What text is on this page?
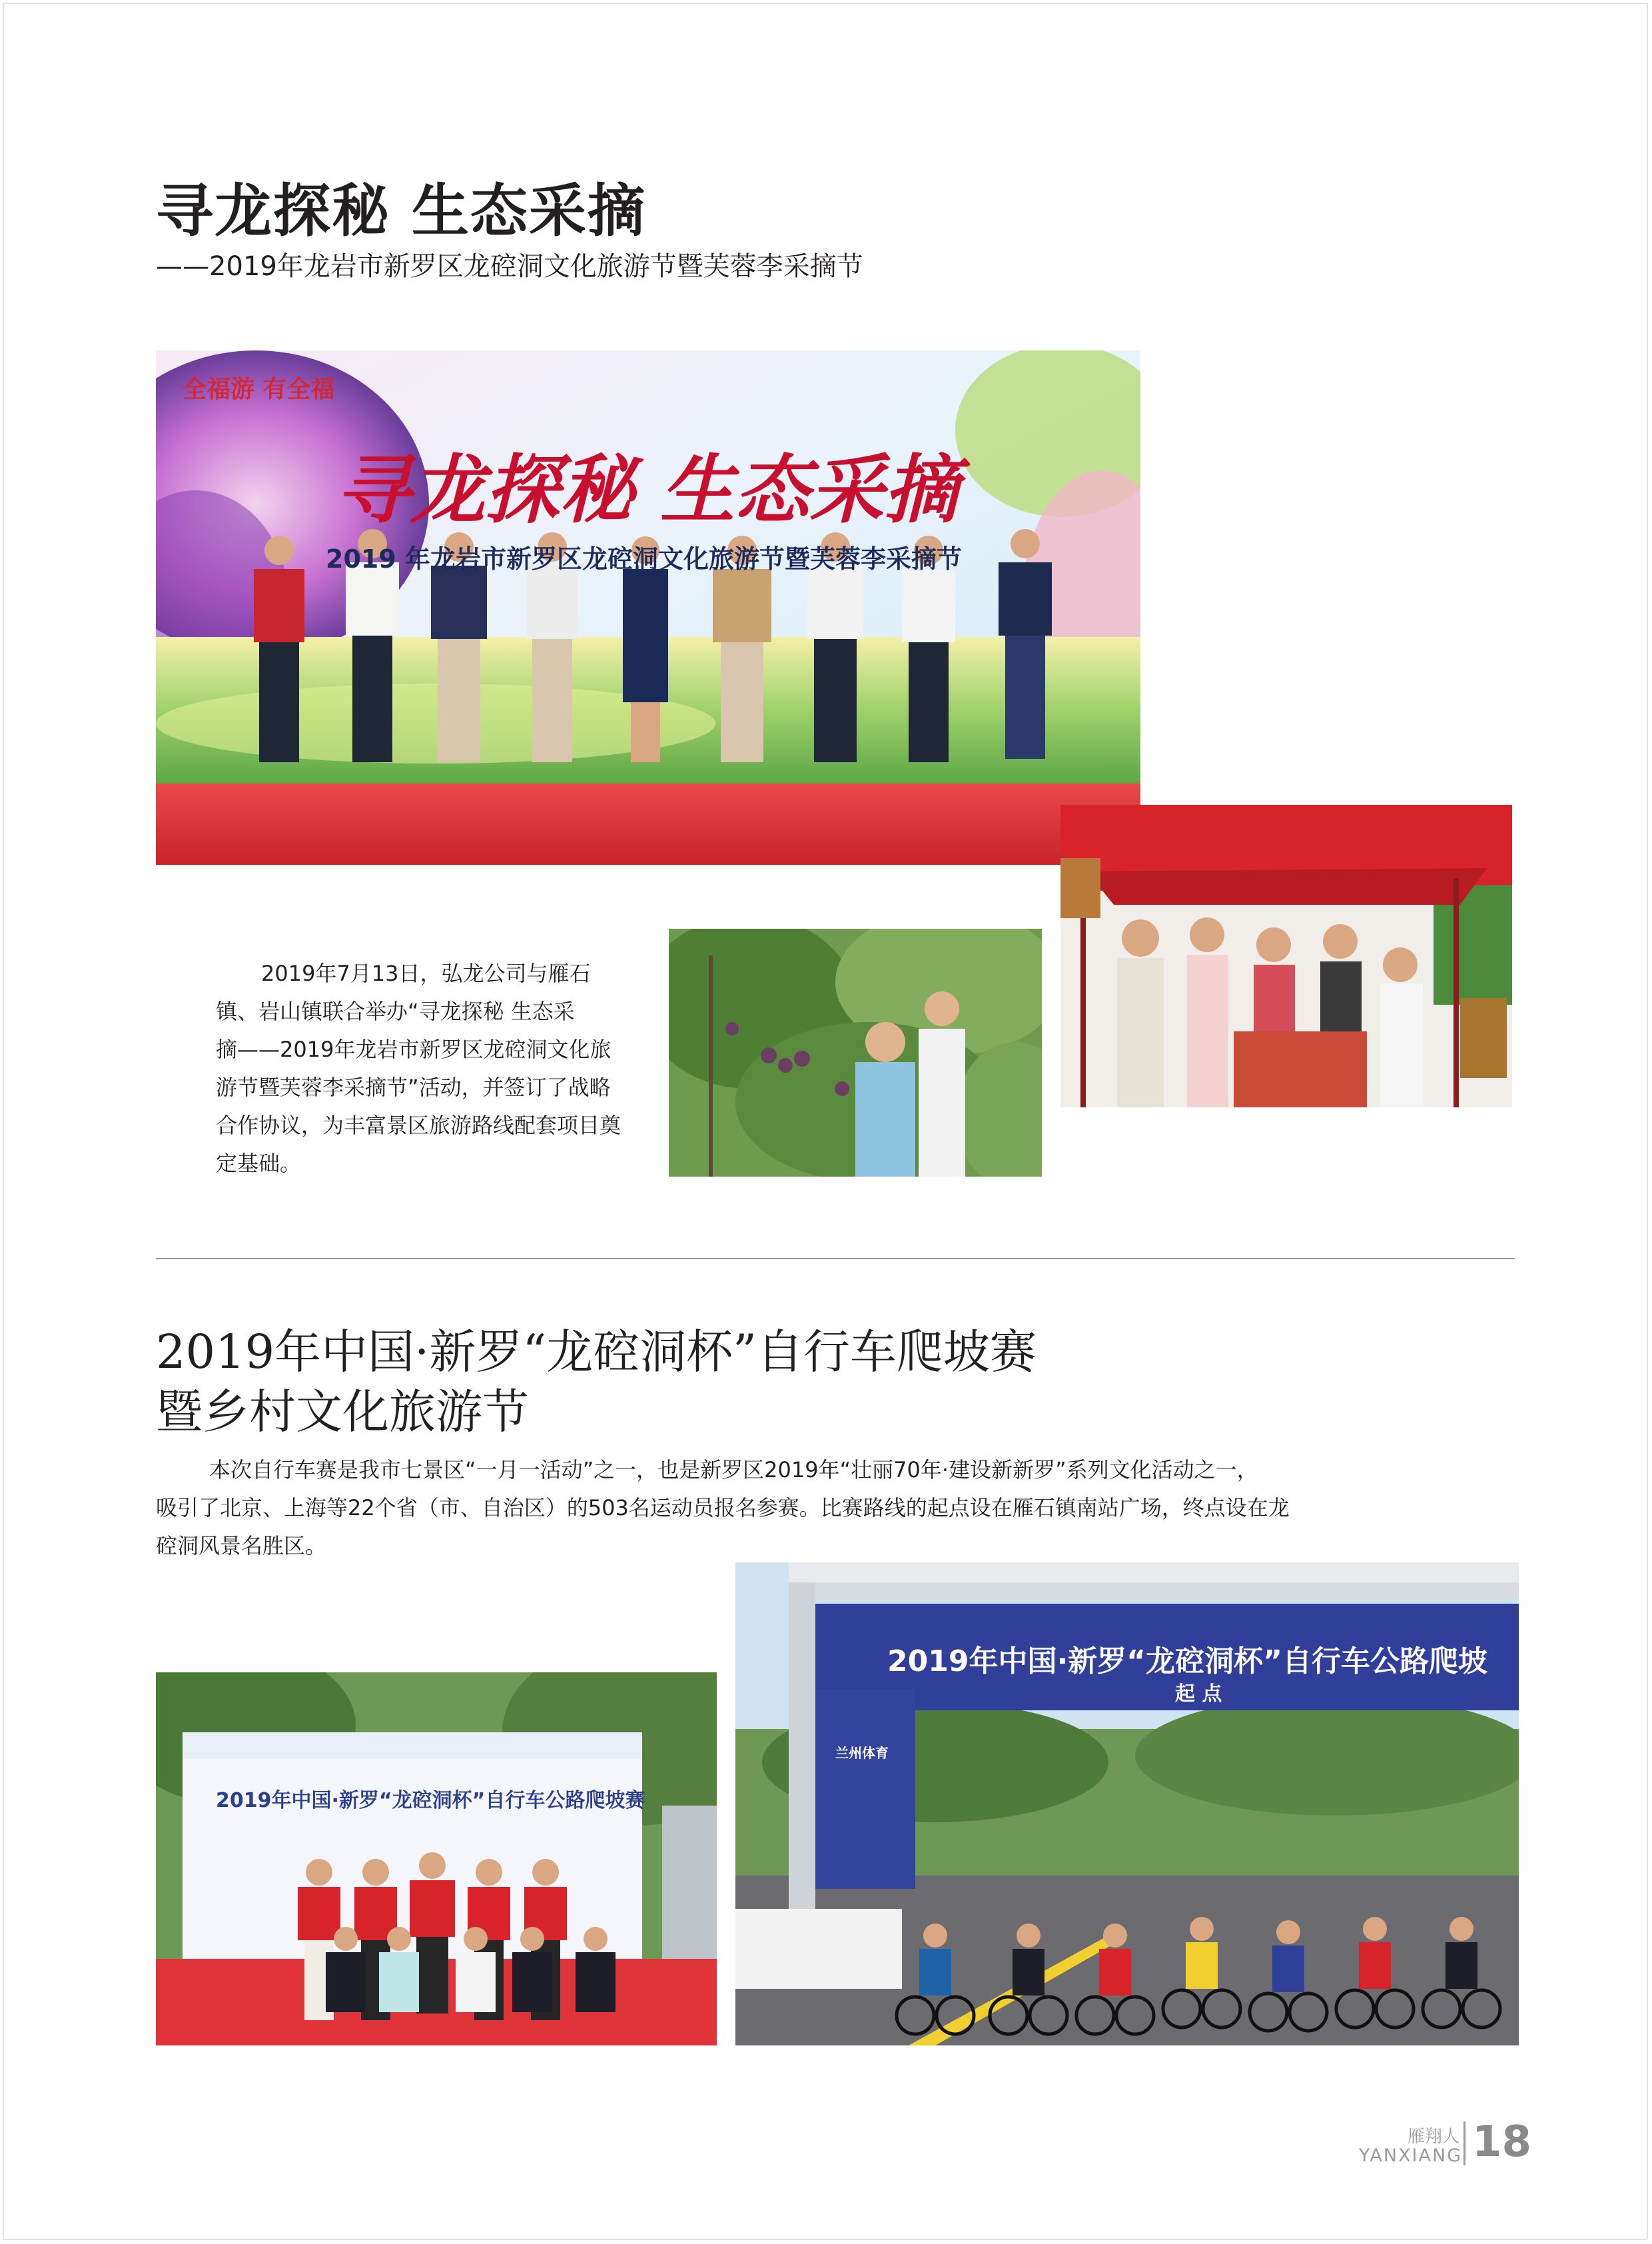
寻龙探秘 生态采摘
——2019年龙岩市新罗区龙硿洞文化旅游节暨芙蓉李采摘节
全福游 有全福
寻龙探秘 生态采摘
2019 年龙岩市新罗区龙硿洞文化旅游节暨芙蓉李采摘节

2019年7月13日，弘龙公司与雁石

镇、岩山镇联合举办“寻龙探秘 生态采

摘——2019年龙岩市新罗区龙硿洞文化旅

游节暨芙蓉李采摘节”活动，并签订了战略

合作协议，为丰富景区旅游路线配套项目奠

定基础。

2019年中国·新罗“龙硿洞杯”自行车爬坡赛
暨乡村文化旅游节

本次自行车赛是我市七景区“一月一活动”之一，也是新罗区2019年“壮丽70年·建设新新罗”系列文化活动之一，

吸引了北京、上海等22个省（市、自治区）的503名运动员报名参赛。比赛路线的起点设在雁石镇南站广场，终点设在龙

硿洞风景名胜区。

2019年中国·新罗“龙硿洞杯”自行车公路爬坡赛
2019年中国·新罗“龙硿洞杯”自行车公路爬坡
起 点
兰州体育
雁翔人
YANXIANG 18
